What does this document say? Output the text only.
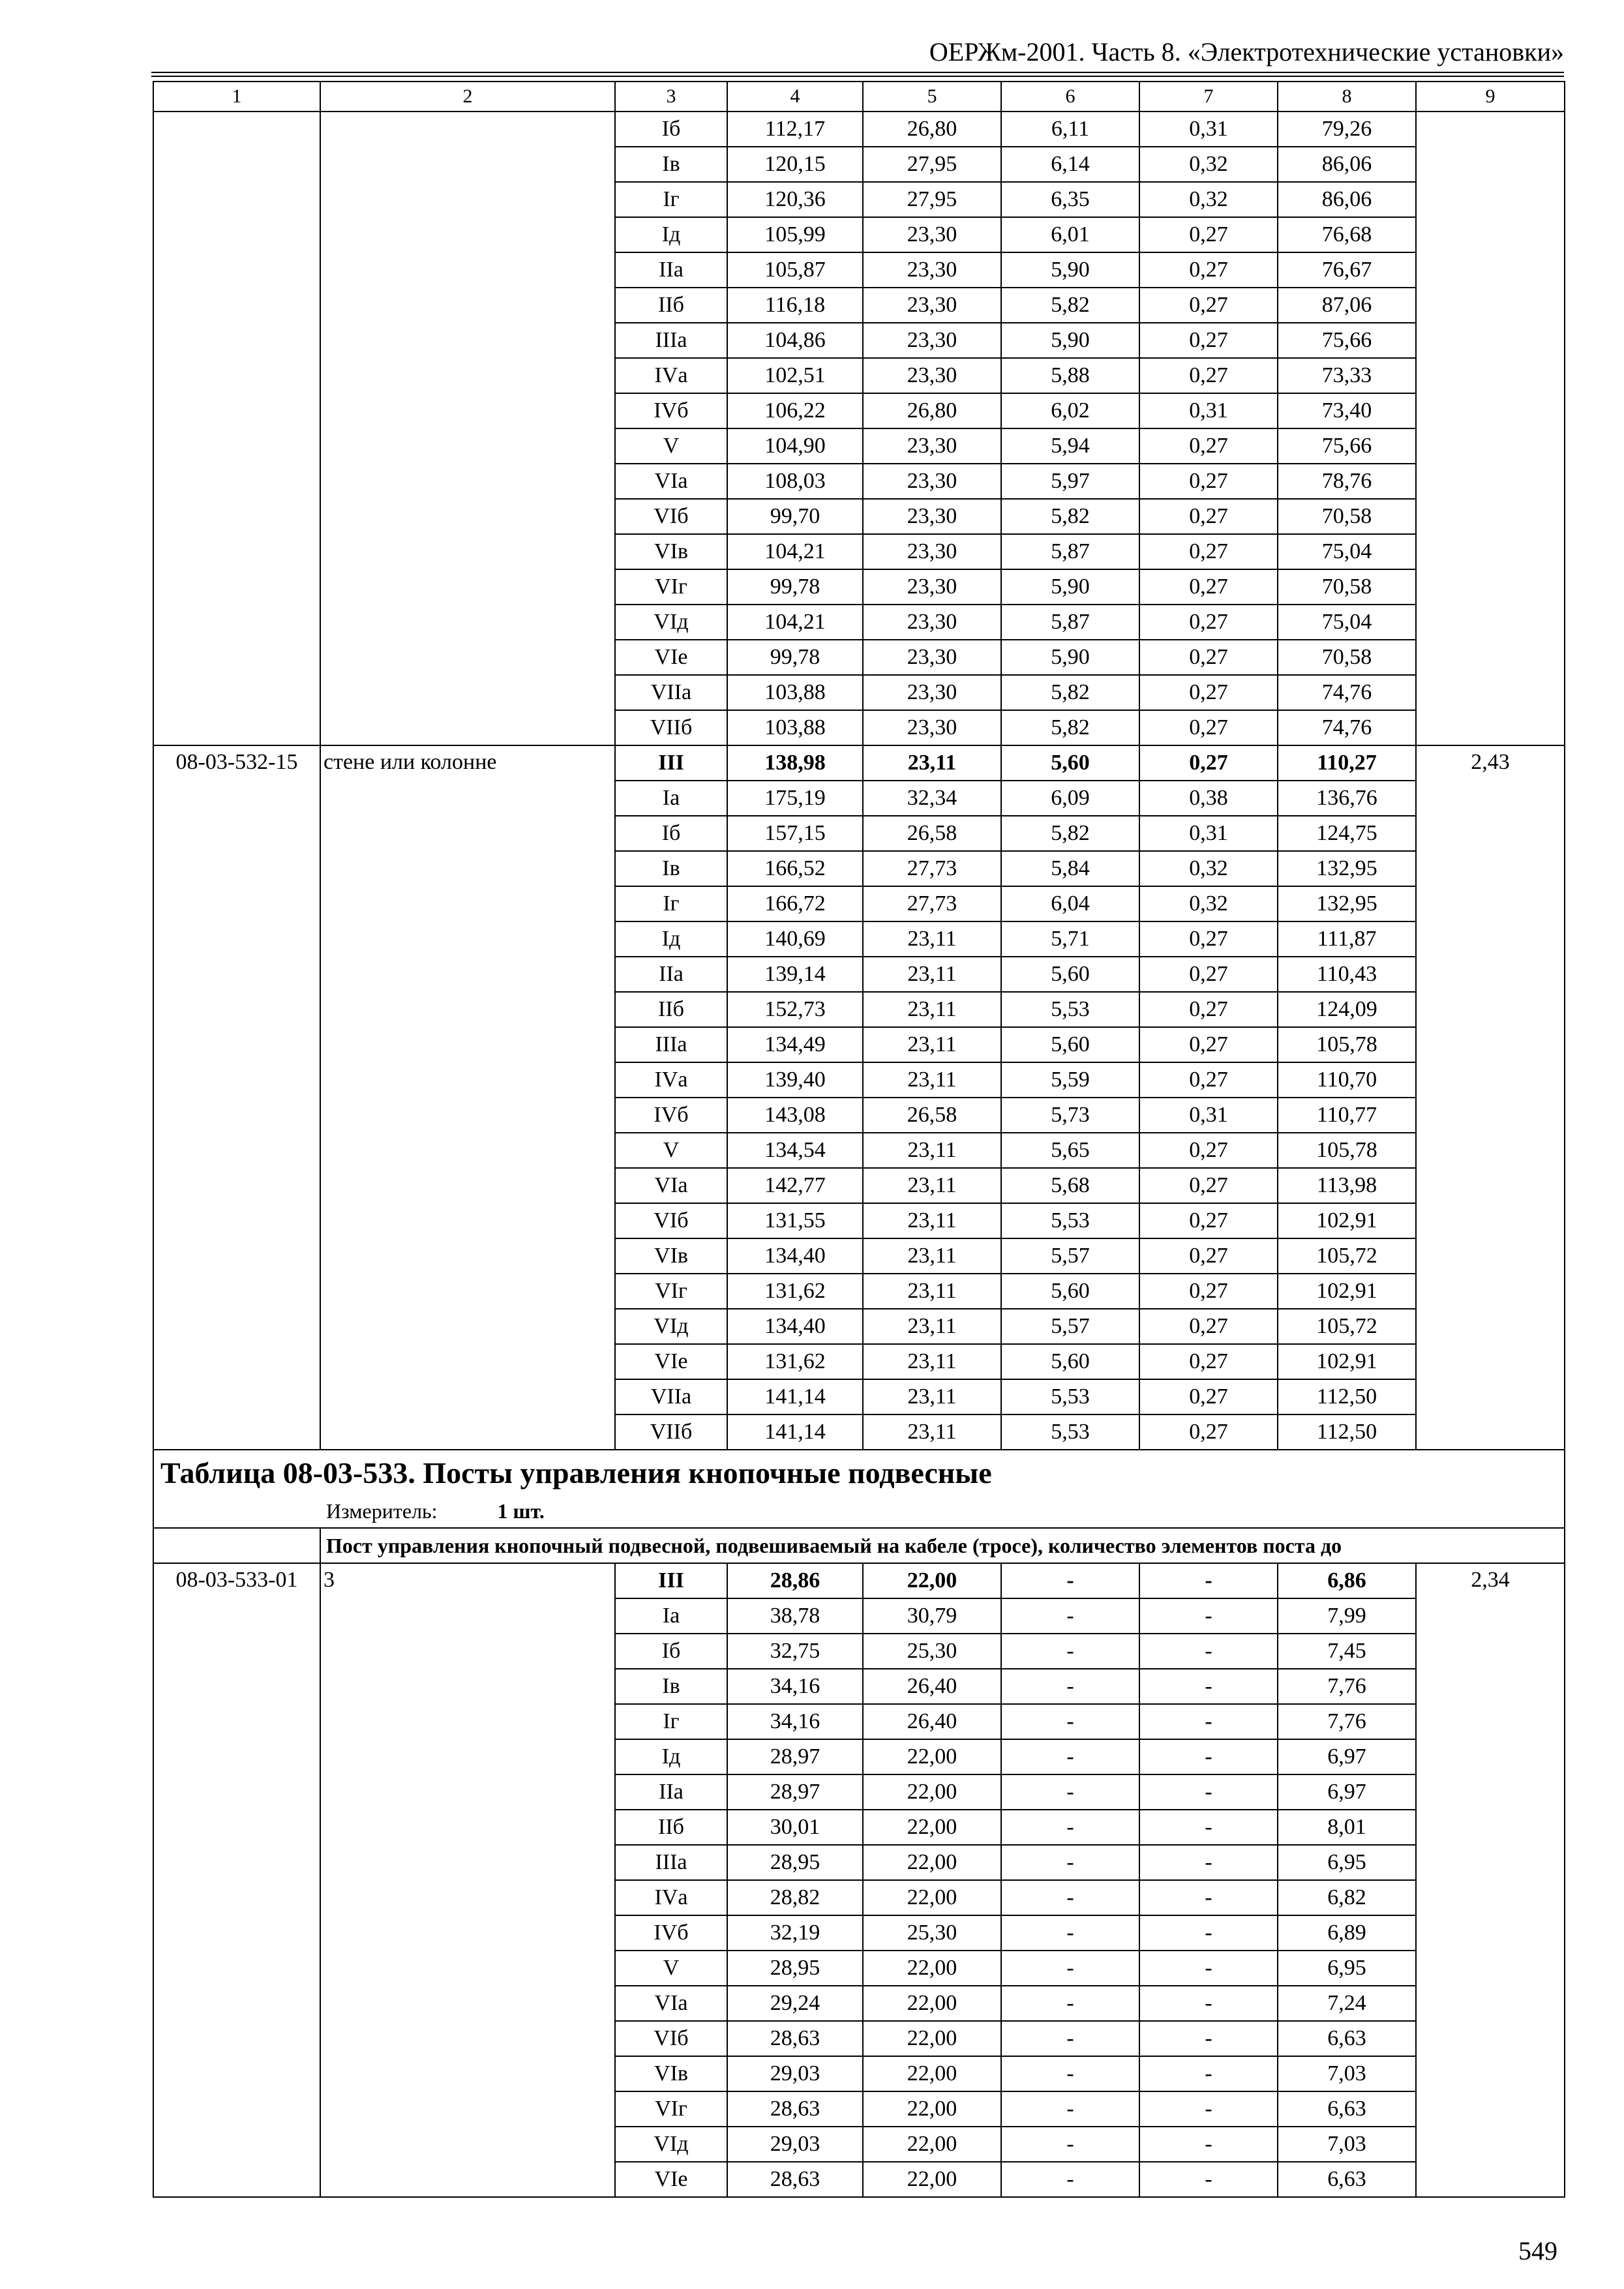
ОЕРЖм-2001. Часть 8. «Электротехнические установки»
1	2	3	4	5	6	7	8	9
		Iб	112,17	26,80	6,11	0,31	79,26	
		Iв	120,15	27,95	6,14	0,32	86,06	
		Iг	120,36	27,95	6,35	0,32	86,06	
		Iд	105,99	23,30	6,01	0,27	76,68	
		IIа	105,87	23,30	5,90	0,27	76,67	
		IIб	116,18	23,30	5,82	0,27	87,06	
		IIIа	104,86	23,30	5,90	0,27	75,66	
		IVа	102,51	23,30	5,88	0,27	73,33	
		IVб	106,22	26,80	6,02	0,31	73,40	
		V	104,90	23,30	5,94	0,27	75,66	
		VIа	108,03	23,30	5,97	0,27	78,76	
		VIб	99,70	23,30	5,82	0,27	70,58	
		VIв	104,21	23,30	5,87	0,27	75,04	
		VIг	99,78	23,30	5,90	0,27	70,58	
		VIд	104,21	23,30	5,87	0,27	75,04	
		VIе	99,78	23,30	5,90	0,27	70,58	
		VIIа	103,88	23,30	5,82	0,27	74,76	
		VIIб	103,88	23,30	5,82	0,27	74,76	
08-03-532-15	стене или колонне	III	138,98	23,11	5,60	0,27	110,27	2,43
		Iа	175,19	32,34	6,09	0,38	136,76	
		Iб	157,15	26,58	5,82	0,31	124,75	
		Iв	166,52	27,73	5,84	0,32	132,95	
		Iг	166,72	27,73	6,04	0,32	132,95	
		Iд	140,69	23,11	5,71	0,27	111,87	
		IIа	139,14	23,11	5,60	0,27	110,43	
		IIб	152,73	23,11	5,53	0,27	124,09	
		IIIа	134,49	23,11	5,60	0,27	105,78	
		IVа	139,40	23,11	5,59	0,27	110,70	
		IVб	143,08	26,58	5,73	0,31	110,77	
		V	134,54	23,11	5,65	0,27	105,78	
		VIа	142,77	23,11	5,68	0,27	113,98	
		VIб	131,55	23,11	5,53	0,27	102,91	
		VIв	134,40	23,11	5,57	0,27	105,72	
		VIг	131,62	23,11	5,60	0,27	102,91	
		VIд	134,40	23,11	5,57	0,27	105,72	
		VIе	131,62	23,11	5,60	0,27	102,91	
		VIIа	141,14	23,11	5,53	0,27	112,50	
		VIIб	141,14	23,11	5,53	0,27	112,50	

Таблица 08-03-533. Посты управления кнопочные подвесные
Измеритель: 1 шт.								

	Пост управления кнопочный подвесной, подвешиваемый на кабеле (тросе), количество элементов поста до							
08-03-533-01	3	III	28,86	22,00	-	-	6,86	2,34
		Iа	38,78	30,79	-	-	7,99	
		Iб	32,75	25,30	-	-	7,45	
		Iв	34,16	26,40	-	-	7,76	
		Iг	34,16	26,40	-	-	7,76	
		Iд	28,97	22,00	-	-	6,97	
		IIа	28,97	22,00	-	-	6,97	
		IIб	30,01	22,00	-	-	8,01	
		IIIа	28,95	22,00	-	-	6,95	
		IVа	28,82	22,00	-	-	6,82	
		IVб	32,19	25,30	-	-	6,89	
		V	28,95	22,00	-	-	6,95	
		VIа	29,24	22,00	-	-	7,24	
		VIб	28,63	22,00	-	-	6,63	
		VIв	29,03	22,00	-	-	7,03	
		VIг	28,63	22,00	-	-	6,63	
		VIд	29,03	22,00	-	-	7,03	
		VIе	28,63	22,00	-	-	6,63	
549
